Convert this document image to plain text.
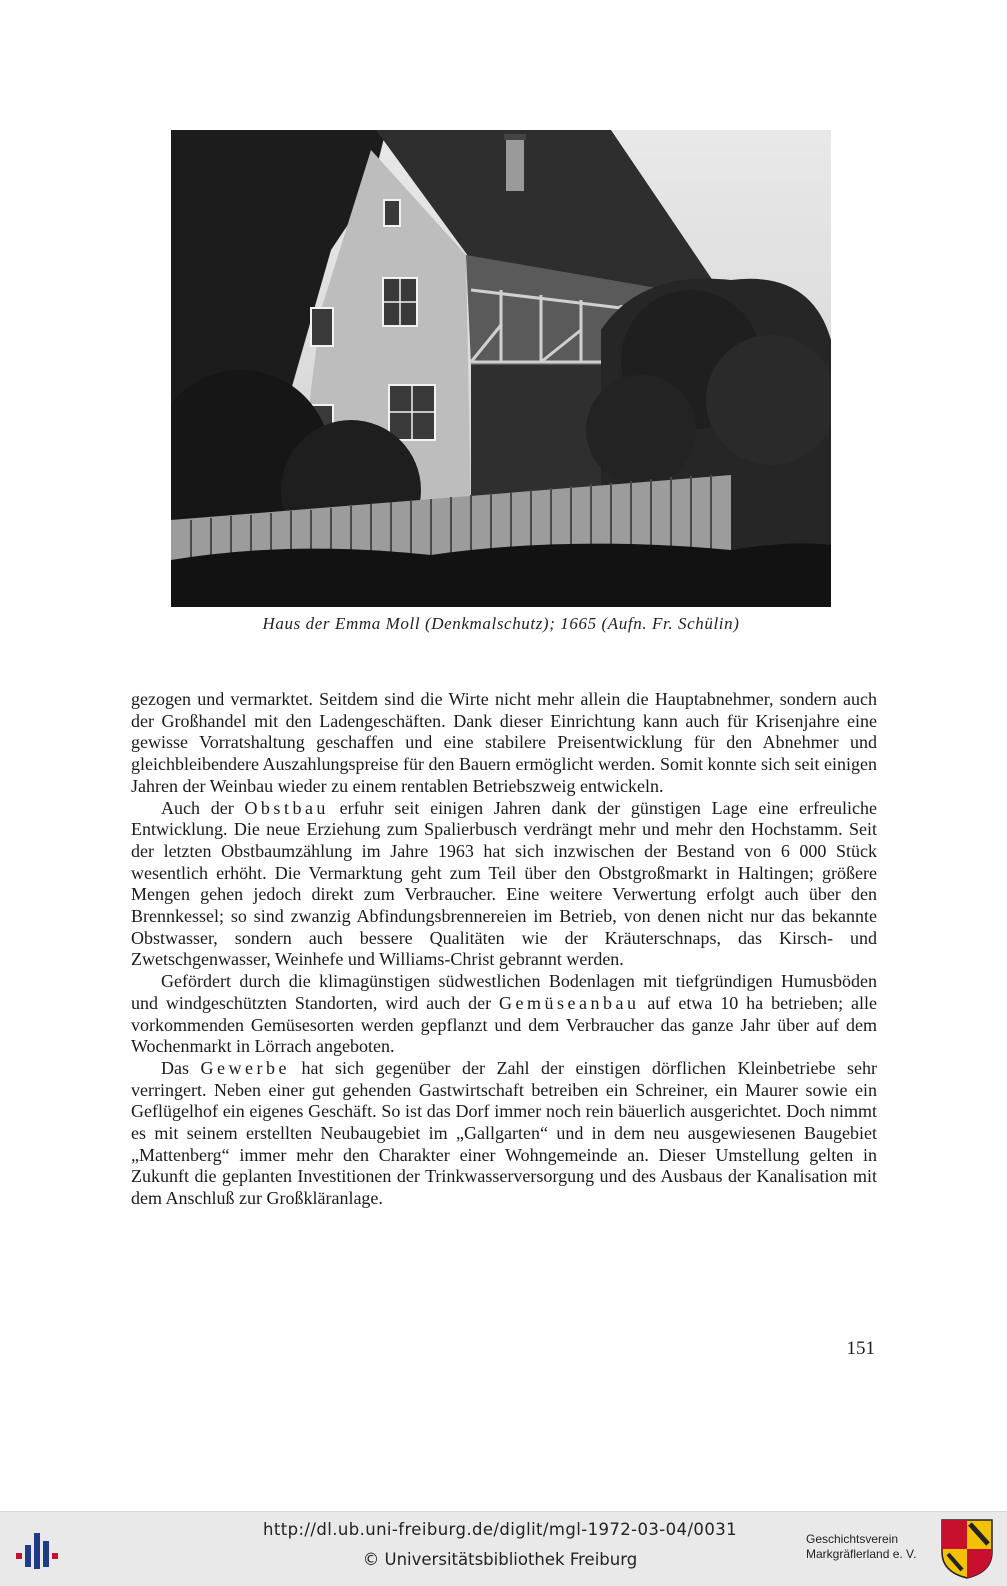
Haus der Emma Moll (Denkmalschutz); 1665 (Aufn. Fr. Schülin)

gezogen und vermarktet. Seitdem sind die Wirte nicht mehr allein die Hauptabnehmer, sondern auch der Großhandel mit den Ladengeschäften. Dank dieser Einrichtung kann auch für Krisenjahre eine gewisse Vorratshaltung geschaffen und eine stabilere Preisentwicklung für den Abnehmer und gleichbleibendere Auszahlungspreise für den Bauern ermöglicht werden. Somit konnte sich seit einigen Jahren der Weinbau wieder zu einem rentablen Betriebszweig entwickeln.

Auch der Obstbau erfuhr seit einigen Jahren dank der günstigen Lage eine erfreuliche Entwicklung. Die neue Erziehung zum Spalierbusch verdrängt mehr und mehr den Hochstamm. Seit der letzten Obstbaumzählung im Jahre 1963 hat sich inzwischen der Bestand von 6 000 Stück wesentlich erhöht. Die Vermarktung geht zum Teil über den Obstgroßmarkt in Haltingen; größere Mengen gehen jedoch direkt zum Verbraucher. Eine weitere Verwertung erfolgt auch über den Brennkessel; so sind zwanzig Abfindungsbrennereien im Betrieb, von denen nicht nur das bekannte Obstwasser, sondern auch bessere Qualitäten wie der Kräuterschnaps, das Kirsch- und Zwetschgenwasser, Weinhefe und Williams-Christ gebrannt werden.

Gefördert durch die klimagünstigen südwestlichen Bodenlagen mit tiefgründigen Humusböden und windgeschützten Standorten, wird auch der Gemüseanbau auf etwa 10 ha betrieben; alle vorkommenden Gemüsesorten werden gepflanzt und dem Verbraucher das ganze Jahr über auf dem Wochenmarkt in Lörrach angeboten.

Das Gewerbe hat sich gegenüber der Zahl der einstigen dörflichen Kleinbetriebe sehr verringert. Neben einer gut gehenden Gastwirtschaft betreiben ein Schreiner, ein Maurer sowie ein Geflügelhof ein eigenes Geschäft. So ist das Dorf immer noch rein bäuerlich ausgerichtet. Doch nimmt es mit seinem erstellten Neubaugebiet im „Gallgarten“ und in dem neu ausgewiesenen Baugebiet „Mattenberg“ immer mehr den Charakter einer Wohngemeinde an. Dieser Umstellung gelten in Zukunft die geplanten Investitionen der Trinkwasserversorgung und des Ausbaus der Kanalisation mit dem Anschluß zur Großkläranlage.

151
http://dl.ub.uni-freiburg.de/diglit/mgl-1972-03-04/0031
© Universitätsbibliothek Freiburg
Geschichtsverein
Markgräflerland e. V.
